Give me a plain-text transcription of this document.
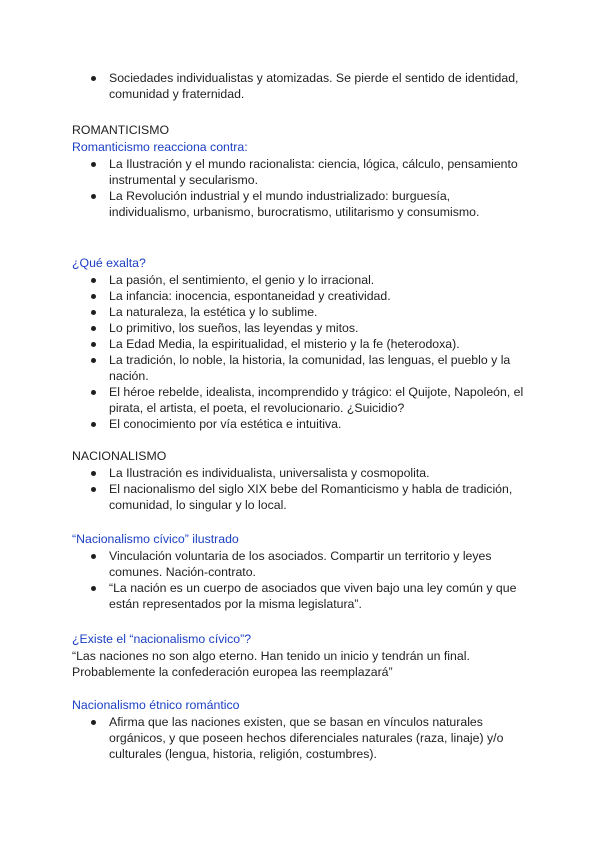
Sociedades individualistas y atomizadas. Se pierde el sentido de identidad, comunidad y fraternidad.
ROMANTICISMO
Romanticismo reacciona contra:
La Ilustración y el mundo racionalista: ciencia, lógica, cálculo, pensamiento instrumental y secularismo.
La Revolución industrial y el mundo industrializado: burguesía, individualismo, urbanismo, burocratismo, utilitarismo y consumismo.
¿Qué exalta?
La pasión, el sentimiento, el genio y lo irracional.
La infancia: inocencia, espontaneidad y creatividad.
La naturaleza, la estética y lo sublime.
Lo primitivo, los sueños, las leyendas y mitos.
La Edad Media, la espiritualidad, el misterio y la fe (heterodoxa).
La tradición, lo noble, la historia, la comunidad, las lenguas, el pueblo y la nación.
El héroe rebelde, idealista, incomprendido y trágico: el Quijote, Napoleón, el pirata, el artista, el poeta, el revolucionario. ¿Suicidio?
El conocimiento por vía estética e intuitiva.
NACIONALISMO
La Ilustración es individualista, universalista y cosmopolita.
El nacionalismo del siglo XIX bebe del Romanticismo y habla de tradición, comunidad, lo singular y lo local.
“Nacionalismo cívico” ilustrado
Vinculación voluntaria de los asociados. Compartir un territorio y leyes comunes. Nación-contrato.
“La nación es un cuerpo de asociados que viven bajo una ley común y que están representados por la misma legislatura”.
¿Existe el “nacionalismo cívico”?

“Las naciones no son algo eterno. Han tenido un inicio y tendrán un final. Probablemente la confederación europea las reemplazará”

Nacionalismo étnico romántico
Afirma que las naciones existen, que se basan en vínculos naturales orgánicos, y que poseen hechos diferenciales naturales (raza, linaje) y/o culturales (lengua, historia, religión, costumbres).
